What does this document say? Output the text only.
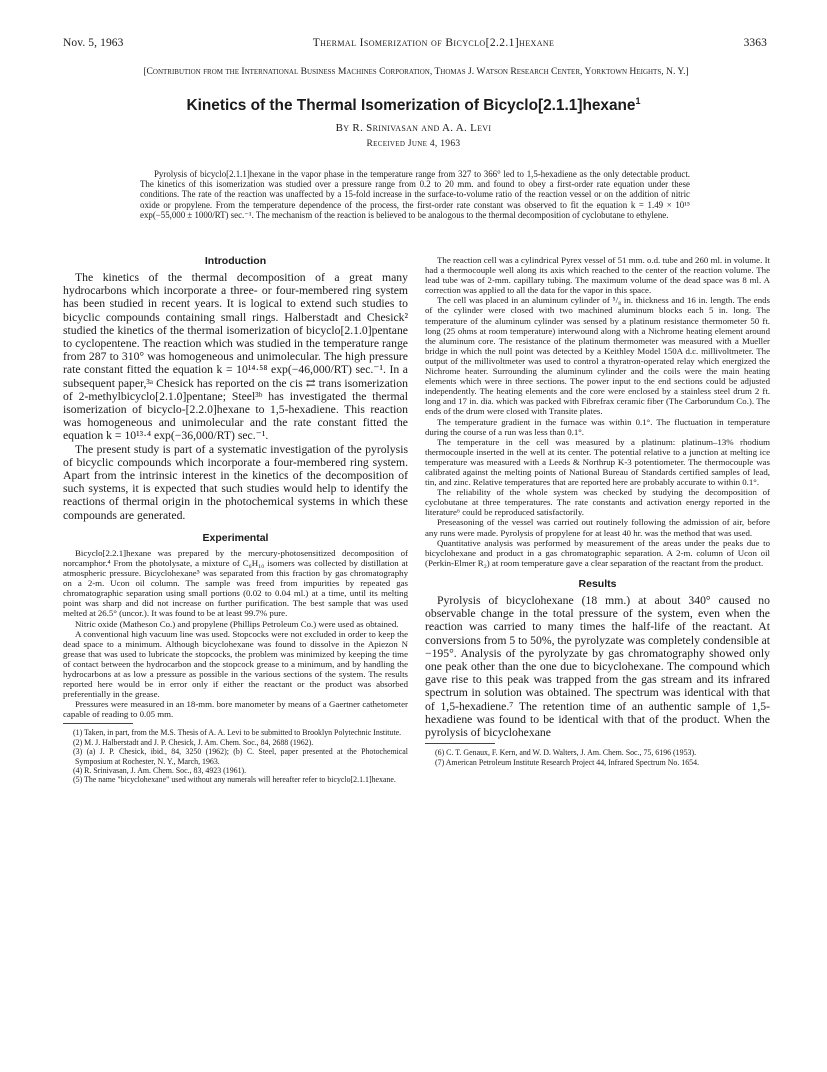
Nov. 5, 1963	Thermal Isomerization of Bicyclo[2.2.1]hexane	3363
[Contribution from the International Business Machines Corporation, Thomas J. Watson Research Center, Yorktown Heights, N. Y.]
Kinetics of the Thermal Isomerization of Bicyclo[2.1.1]hexane$^1$
By R. Srinivasan and A. A. Levi
Received June 4, 1963

Pyrolysis of bicyclo[2.1.1]hexane in the vapor phase in the temperature range from 327 to 366° led to 1,5-hexadiene as the only detectable product. The kinetics of this isomerization was studied over a pressure range from 0.2 to 20 mm. and found to obey a first-order rate equation under these conditions. The rate of the reaction was unaffected by a 15-fold increase in the surface-to-volume ratio of the reaction vessel or on the addition of nitric oxide or propylene. From the temperature dependence of the process, the first-order rate constant was observed to fit the equation k = 1.49 × 10¹⁵ exp(−55,000 ± 1000/RT) sec.⁻¹. The mechanism of the reaction is believed to be analogous to the thermal decomposition of cyclobutane to ethylene.

Introduction

The kinetics of the thermal decomposition of a great many hydrocarbons which incorporate a three- or four-membered ring system has been studied in recent years. It is logical to extend such studies to bicyclic compounds containing small rings. Halberstadt and Chesick² studied the kinetics of the thermal isomerization of bicyclo[2.1.0]pentane to cyclopentene. The reaction which was studied in the temperature range from 287 to 310° was homogeneous and unimolecular. The high pressure rate constant fitted the equation k = 10¹⁴·⁵⁸ exp(−46,000/RT) sec.⁻¹. In a subsequent paper,³ᵃ Chesick has reported on the cis ⇄ trans isomerization of 2-methylbicyclo[2.1.0]pentane; Steel³ᵇ has investigated the thermal isomerization of bicyclo-[2.2.0]hexane to 1,5-hexadiene. This reaction was homogeneous and unimolecular and the rate constant fitted the equation k = 10¹³·⁴ exp(−36,000/RT) sec.⁻¹.

The present study is part of a systematic investigation of the pyrolysis of bicyclic compounds which incorporate a four-membered ring system. Apart from the intrinsic interest in the kinetics of the decomposition of such systems, it is expected that such studies would help to identify the reactions of thermal origin in the photochemical systems in which these compounds are generated.

Experimental

Bicyclo[2.2.1]hexane was prepared by the mercury-photosensitized decomposition of norcamphor.⁴ From the photolysate, a mixture of C₆H₁₀ isomers was collected by distillation at atmospheric pressure. Bicyclohexane⁵ was separated from this fraction by gas chromatography on a 2-m. Ucon oil column. The sample was freed from impurities by repeated gas chromatographic separation using small portions (0.02 to 0.04 ml.) at a time, until its melting point was sharp and did not increase on further purification. The best sample that was used melted at 26.5° (uncor.). It was found to be at least 99.7% pure.

Nitric oxide (Matheson Co.) and propylene (Phillips Petroleum Co.) were used as obtained.

A conventional high vacuum line was used. Stopcocks were not excluded in order to keep the dead space to a minimum. Although bicyclohexane was found to dissolve in the Apiezon N grease that was used to lubricate the stopcocks, the problem was minimized by keeping the time of contact between the hydrocarbon and the stopcock grease to a minimum, and by handling the hydrocarbons at as low a pressure as possible in the various sections of the system. The results reported here would be in error only if either the reactant or the product was absorbed preferentially in the grease.

Pressures were measured in an 18-mm. bore manometer by means of a Gaertner cathetometer capable of reading to 0.05 mm.

(1) Taken, in part, from the M.S. Thesis of A. A. Levi to be submitted to Brooklyn Polytechnic Institute.

(2) M. J. Halberstadt and J. P. Chesick, J. Am. Chem. Soc., 84, 2688 (1962).

(3) (a) J. P. Chesick, ibid., 84, 3250 (1962); (b) C. Steel, paper presented at the Photochemical Symposium at Rochester, N. Y., March, 1963.

(4) R. Srinivasan, J. Am. Chem. Soc., 83, 4923 (1961).

(5) The name "bicyclohexane" used without any numerals will hereafter refer to bicyclo[2.1.1]hexane.

The reaction cell was a cylindrical Pyrex vessel of 51 mm. o.d. tube and 260 ml. in volume. It had a thermocouple well along its axis which reached to the center of the reaction volume. The lead tube was of 2-mm. capillary tubing. The maximum volume of the dead space was 8 ml. A correction was applied to all the data for the vapor in this space.

The cell was placed in an aluminum cylinder of ⁵/₈ in. thickness and 16 in. length. The ends of the cylinder were closed with two machined aluminum blocks each 5 in. long. The temperature of the aluminum cylinder was sensed by a platinum resistance thermometer 50 ft. long (25 ohms at room temperature) interwound along with a Nichrome heating element around the aluminum core. The resistance of the platinum thermometer was measured with a Mueller bridge in which the null point was detected by a Keithley Model 150A d.c. millivoltmeter. The output of the millivoltmeter was used to control a thyratron-operated relay which energized the Nichrome heater. Surrounding the aluminum cylinder and the coils were the main heating elements which were in three sections. The power input to the end sections could be adjusted independently. The heating elements and the core were enclosed by a stainless steel drum 2 ft. long and 17 in. dia. which was packed with Fibrefrax ceramic fiber (The Carborundum Co.). The ends of the drum were closed with Transite plates.

The temperature gradient in the furnace was within 0.1°. The fluctuation in temperature during the course of a run was less than 0.1°.

The temperature in the cell was measured by a platinum: platinum–13% rhodium thermocouple inserted in the well at its center. The potential relative to a junction at melting ice temperature was measured with a Leeds & Northrup K-3 potentiometer. The thermocouple was calibrated against the melting points of National Bureau of Standards certified samples of lead, tin, and zinc. Relative temperatures that are reported here are probably accurate to within 0.1°.

The reliability of the whole system was checked by studying the decomposition of cyclobutane at three temperatures. The rate constants and activation energy reported in the literature⁶ could be reproduced satisfactorily.

Preseasoning of the vessel was carried out routinely following the admission of air, before any runs were made. Pyrolysis of propylene for at least 40 hr. was the method that was used.

Quantitative analysis was performed by measurement of the areas under the peaks due to bicyclohexane and product in a gas chromatographic separation. A 2-m. column of Ucon oil (Perkin-Elmer R₂) at room temperature gave a clear separation of the reactant from the product.

Results

Pyrolysis of bicyclohexane (18 mm.) at about 340° caused no observable change in the total pressure of the system, even when the reaction was carried to many times the half-life of the reactant. At conversions from 5 to 50%, the pyrolyzate was completely condensible at −195°. Analysis of the pyrolyzate by gas chromatography showed only one peak other than the one due to bicyclohexane. The compound which gave rise to this peak was trapped from the gas stream and its infrared spectrum in solution was obtained. The spectrum was identical with that of 1,5-hexadiene.⁷ The retention time of an authentic sample of 1,5-hexadiene was found to be identical with that of the product. When the pyrolysis of bicyclohexane

(6) C. T. Genaux, F. Kern, and W. D. Walters, J. Am. Chem. Soc., 75, 6196 (1953).

(7) American Petroleum Institute Research Project 44, Infrared Spectrum No. 1654.
